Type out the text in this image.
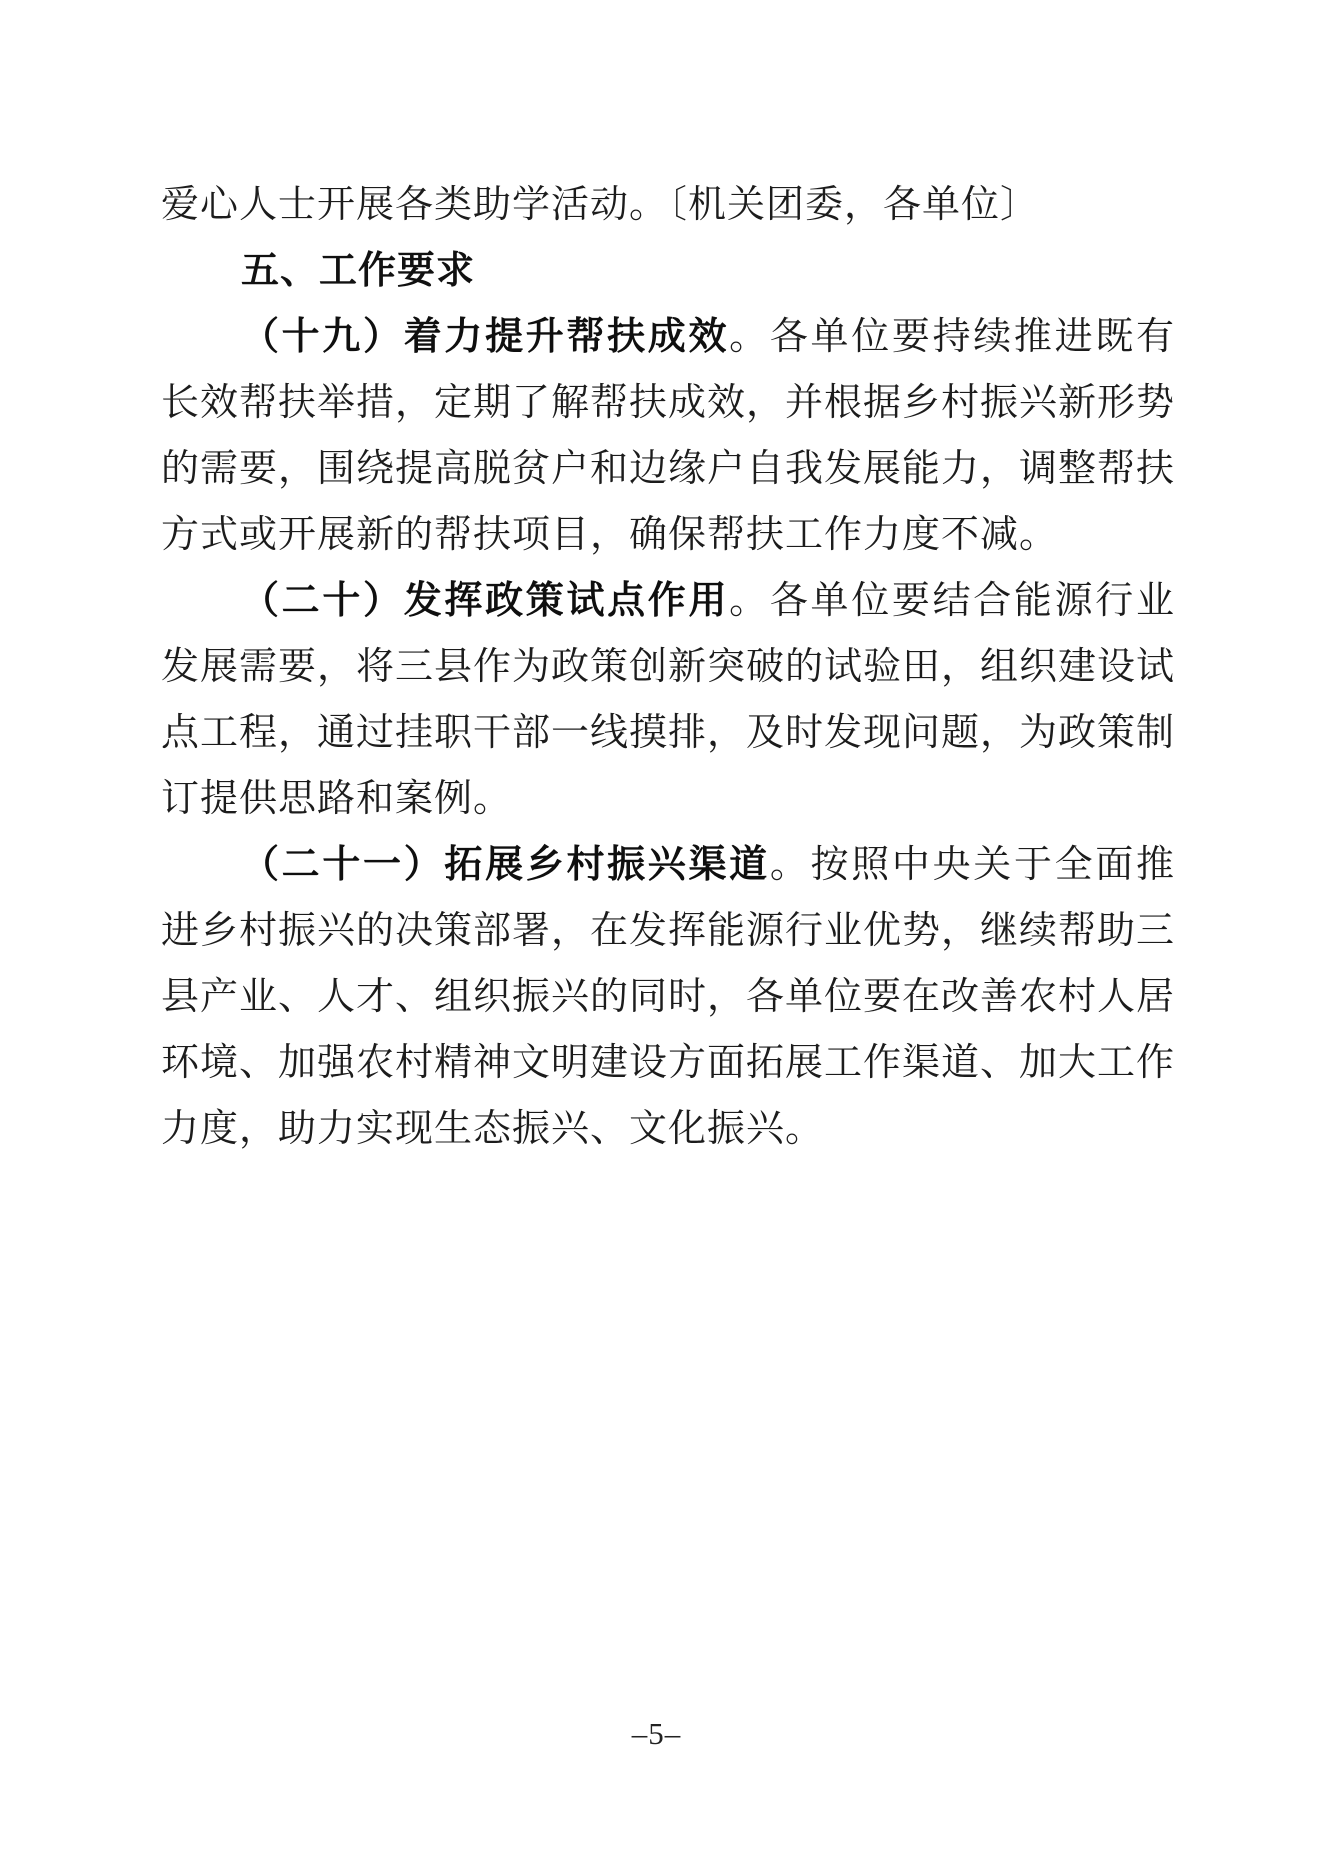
爱心人士开展各类助学活动。〔机关团委，各单位〕

五、工作要求

（十九）着力提升帮扶成效。各单位要持续推进既有长效帮扶举措，定期了解帮扶成效，并根据乡村振兴新形势的需要，围绕提高脱贫户和边缘户自我发展能力，调整帮扶方式或开展新的帮扶项目，确保帮扶工作力度不减。

（二十）发挥政策试点作用。各单位要结合能源行业发展需要，将三县作为政策创新突破的试验田，组织建设试点工程，通过挂职干部一线摸排，及时发现问题，为政策制订提供思路和案例。

（二十一）拓展乡村振兴渠道。按照中央关于全面推进乡村振兴的决策部署，在发挥能源行业优势，继续帮助三县产业、人才、组织振兴的同时，各单位要在改善农村人居环境、加强农村精神文明建设方面拓展工作渠道、加大工作力度，助力实现生态振兴、文化振兴。

–5–
